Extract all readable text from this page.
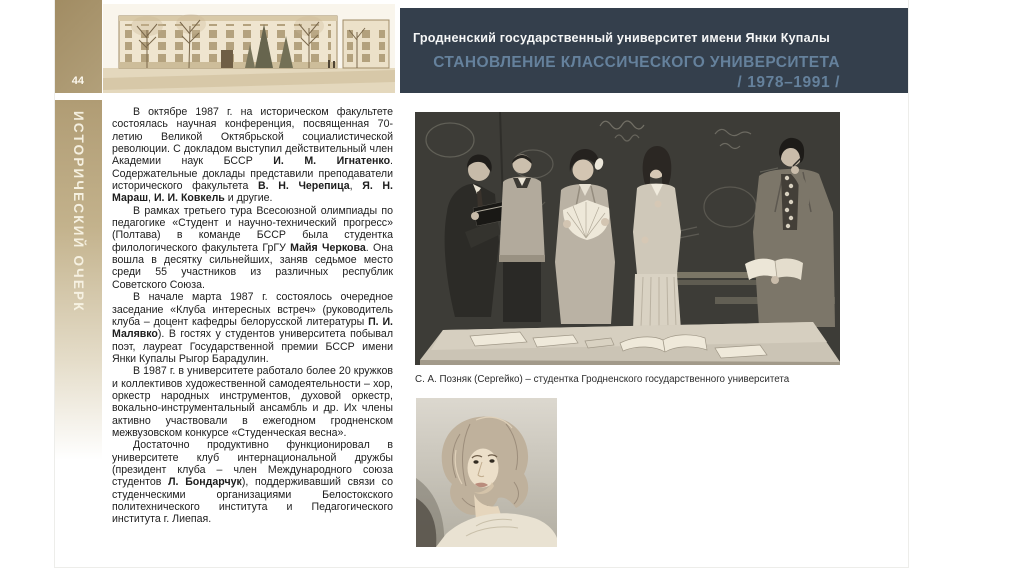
44
Гродненский государственный университет имени Янки Купалы
СТАНОВЛЕНИЕ КЛАССИЧЕСКОГО УНИВЕРСИТЕТА
/ 1978–1991 /
ИСТОРИЧЕСКИЙ ОЧЕРК	В октябре 1987 г. на историческом факультете состоялась научная конференция, посвященная 70-летию Великой Октябрьской социалистической революции. С докладом выступил действительный член Академии наук БССР И. М. Игнатенко. Содержательные доклады представили преподаватели исторического факультета В. Н. Черепица, Я. Н. Мараш, И. И. Ковкель и другие.

В рамках третьего тура Всесоюзной олимпиады по педагогике «Студент и научно-технический прогресс» (Полтава) в команде БССР была студентка филологического факультета ГрГУ Майя Черкова. Она вошла в десятку сильнейших, заняв седьмое место среди 55 участников из различных республик Советского Союза.

В начале марта 1987 г. состоялось очередное заседание «Клуба интересных встреч» (руководитель клуба – доцент кафедры белорусской литературы П. И. Малявко). В гостях у студентов университета побывал поэт, лауреат Государственной премии БССР имени Янки Купалы Рыгор Барадулин.

В 1987 г. в университете работало более 20 кружков и коллективов художественной самодеятельности – хор, оркестр народных инструментов, духовой оркестр, вокально-инструментальный ансамбль и др. Их члены активно участвовали в ежегодном гродненском межвузовском конкурсе «Студенческая весна».

Достаточно продуктивно функционировал в университете клуб интернациональной дружбы (президент клуба – член Международного союза студентов Л. Бондарчук), поддерживавший связи со студенческими организациями Белостокского политехнического института и Педагогического института г. Лиепая.

С. А. Позняк (Сергейко) – студентка Гродненского государственного университета
